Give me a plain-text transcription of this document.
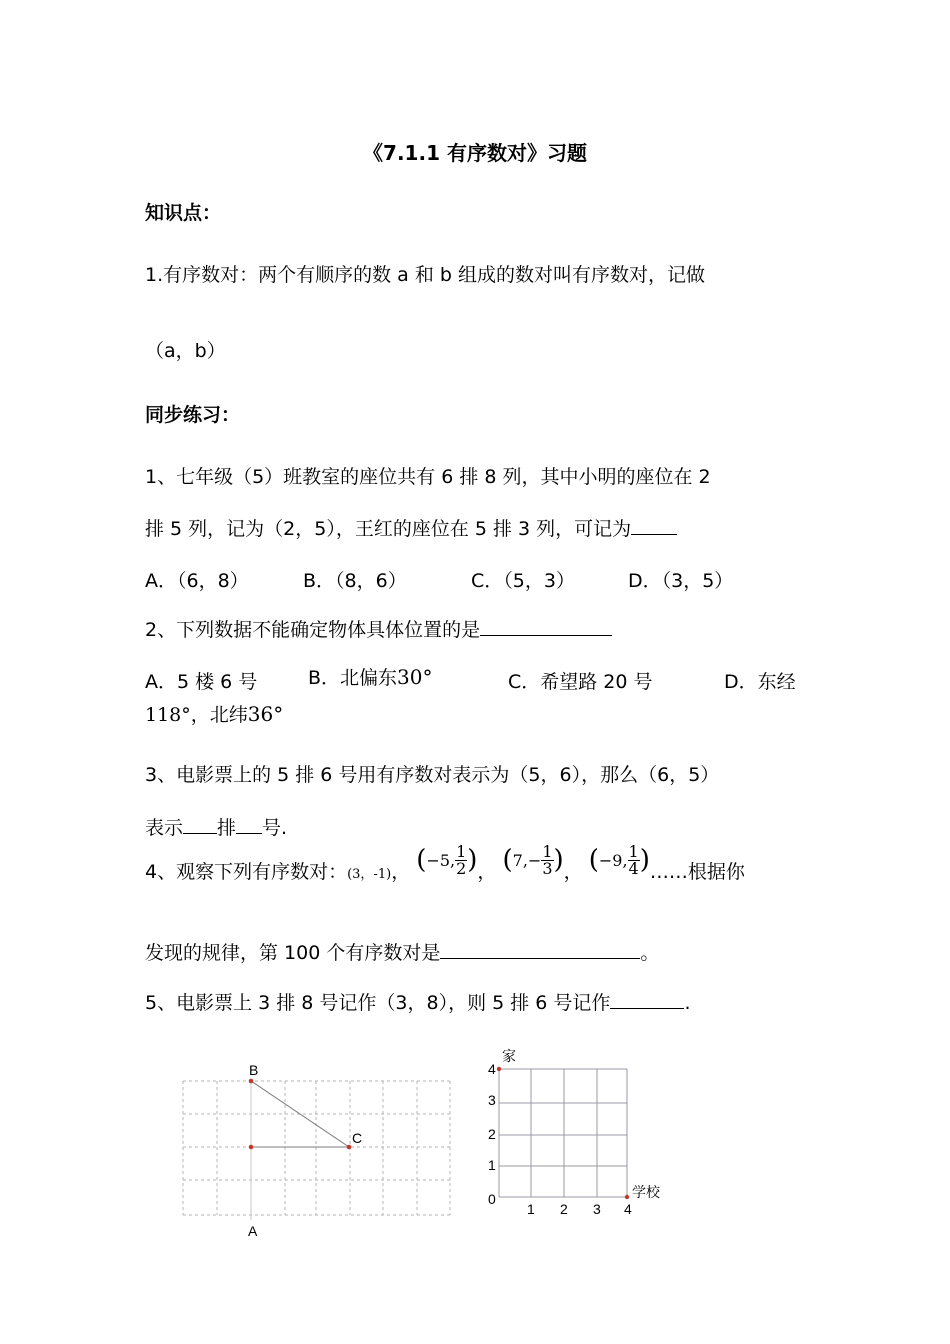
《7.1.1 有序数对》习题
知识点：
1.有序数对：两个有顺序的数 a 和 b 组成的数对叫有序数对，记做
（a，b）
同步练习：
1、七年级（5）班教室的座位共有 6 排 8 列，其中小明的座位在 2
排 5 列，记为（2，5），王红的座位在 5 排 3 列，可记为
A．（6，8）	B．（8，6）	C．（5，3）	D．（3，5）
2、下列数据不能确定物体具体位置的是
A．5 楼 6 号	B．北偏东30°	C．希望路 20 号	D．东经
118°，北纬36°
3、电影票上的 5 排 6 号用有序数对表示为（5，6），那么（6，5）
表示 排 号.
4、观察下列有序数对：$^{(3,-1)}$， (−5, $\frac{1}{2}$ )， ($7,- \frac{1}{3}$ )， (−9, $\frac{1}{4}$ )……根据你
发现的规律，第 100 个有序数对是	。
5、电影票上 3 排 8 号记作（3，8），则 5 排 6 号记作	.
B
C
A
家
学校
0
1
2
3
4
1 2 3 4
